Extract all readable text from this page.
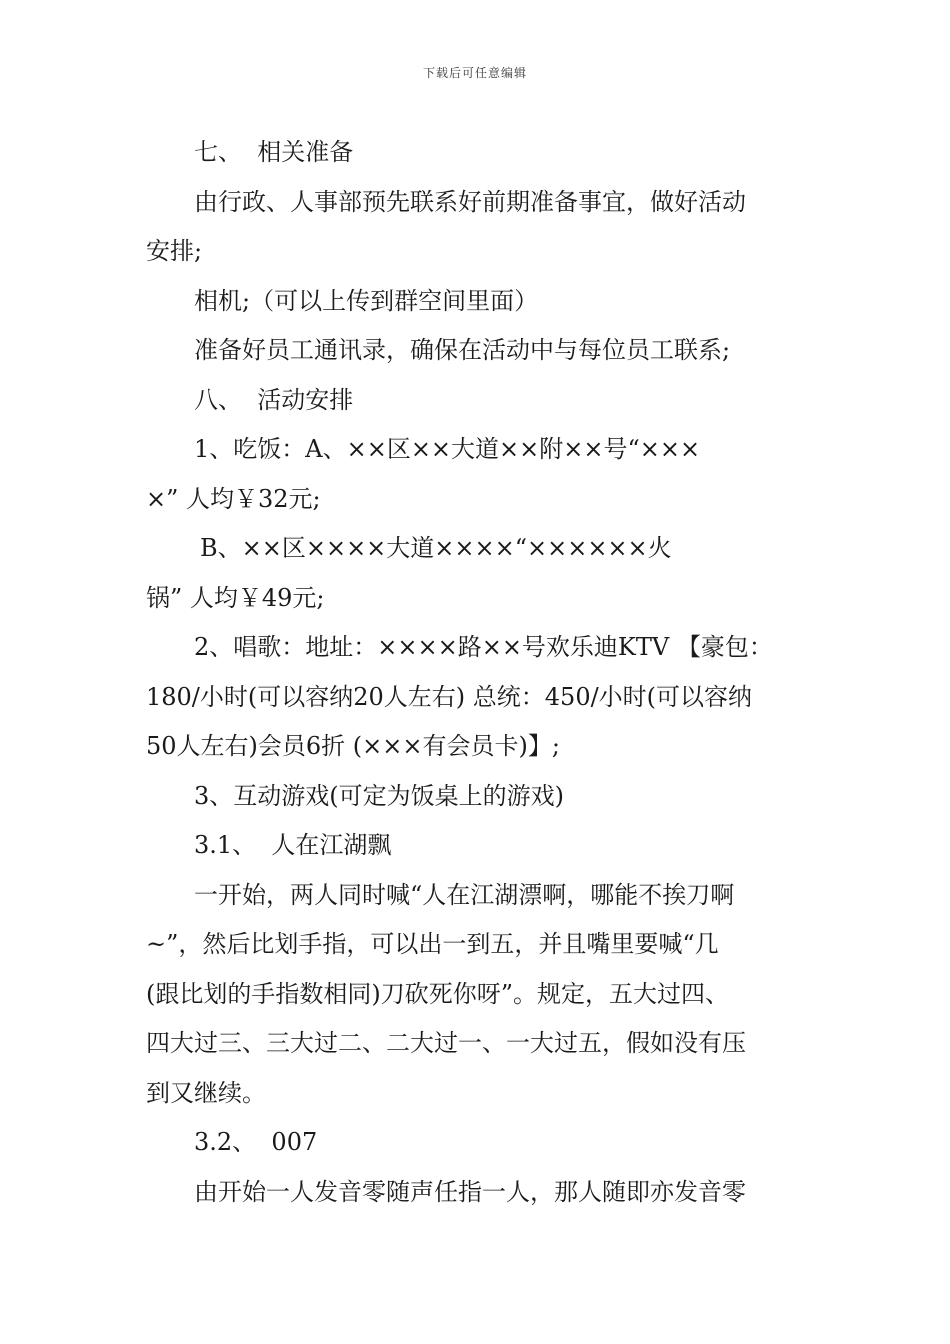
下载后可任意编辑
七、  相关准备
由行政、人事部预先联系好前期准备事宜，做好活动
安排;
相机;（可以上传到群空间里面）
准备好员工通讯录，确保在活动中与每位员工联系;
八、  活动安排
1、吃饭：A、××区××大道××附××号“×××
×” 人均￥32元;
B、××区××××大道××××“××××××火
锅” 人均￥49元;
2、唱歌：地址：××××路××号欢乐迪KTV 【豪包：
180/小时(可以容纳20人左右) 总统：450/小时(可以容纳
50人左右)会员6折 (×××有会员卡)】;
3、互动游戏(可定为饭桌上的游戏)
3.1、  人在江湖飘
一开始，两人同时喊“人在江湖漂啊，哪能不挨刀啊
~”，然后比划手指，可以出一到五，并且嘴里要喊“几
(跟比划的手指数相同)刀砍死你呀”。规定，五大过四、
四大过三、三大过二、二大过一、一大过五，假如没有压
到又继续。
3.2、  007
由开始一人发音零随声任指一人，那人随即亦发音零
